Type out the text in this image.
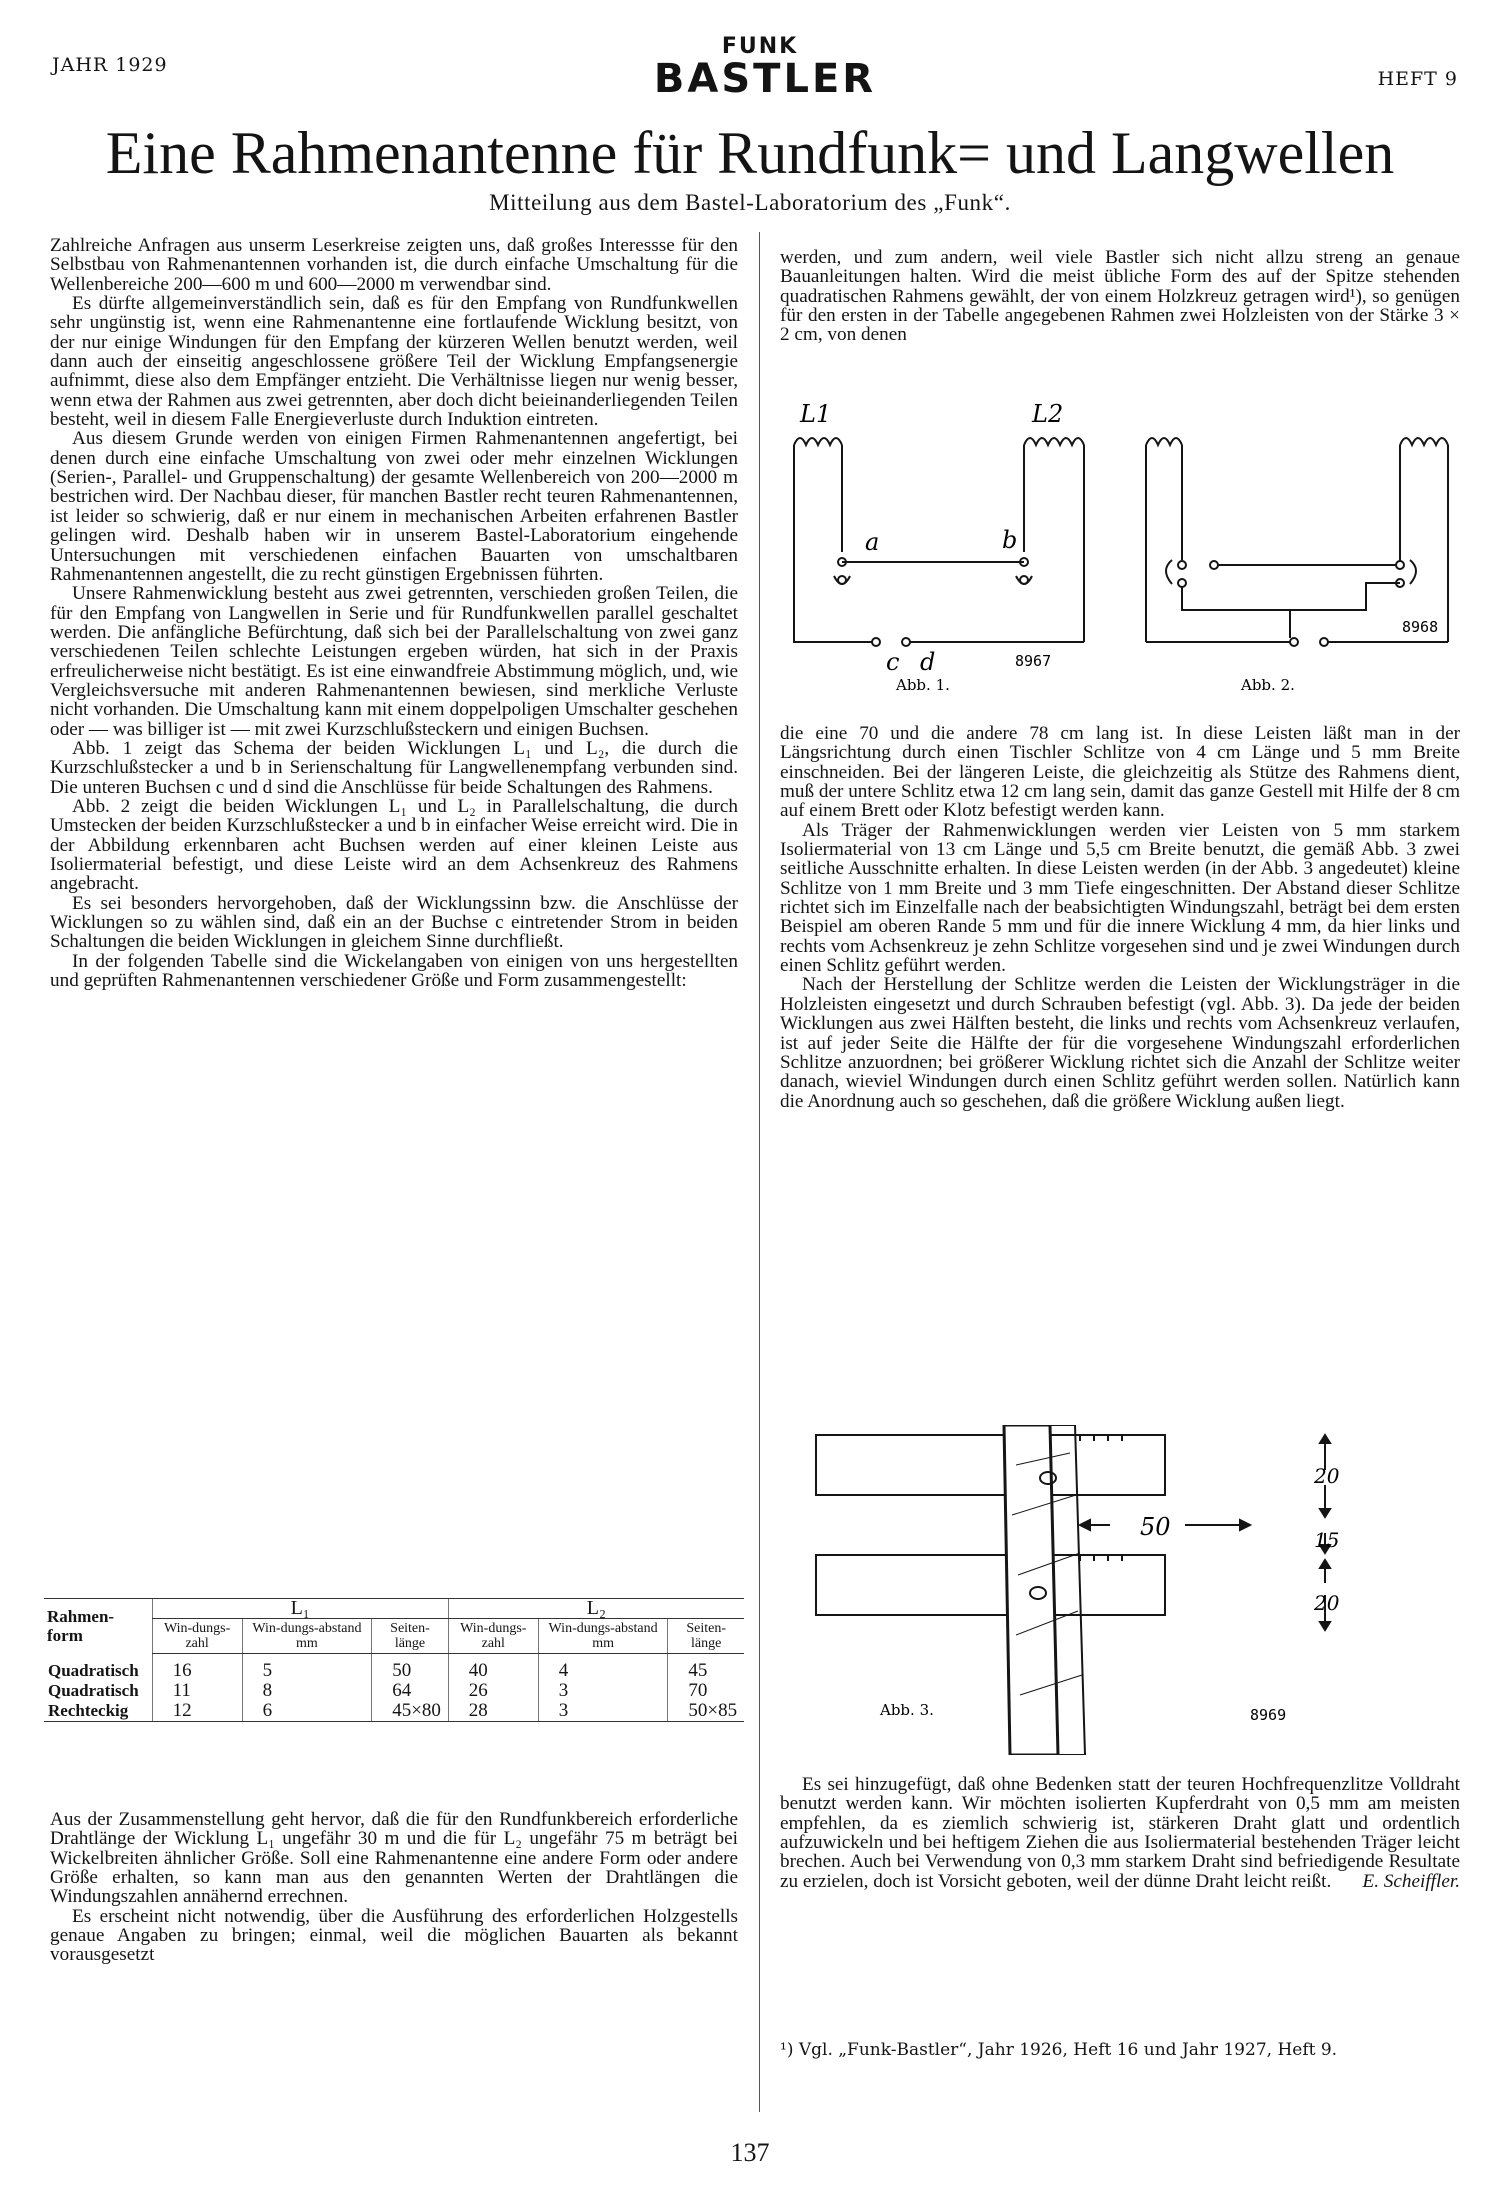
JAHR 1929
FUNK
BASTLER	HEFT 9
Eine Rahmenantenne für Rundfunk= und Langwellen
Mitteilung aus dem Bastel-Laboratorium des „Funk“.

Zahlreiche Anfragen aus unserm Leserkreise zeigten uns, daß großes Interessse für den Selbstbau von Rahmenantennen vorhanden ist, die durch einfache Umschaltung für die Wellenbereiche 200—600 m und 600—2000 m verwendbar sind.

Es dürfte allgemeinverständlich sein, daß es für den Empfang von Rundfunkwellen sehr ungünstig ist, wenn eine Rahmenantenne eine fortlaufende Wicklung besitzt, von der nur einige Windungen für den Empfang der kürzeren Wellen benutzt werden, weil dann auch der einseitig angeschlossene größere Teil der Wicklung Empfangsenergie aufnimmt, diese also dem Empfänger entzieht. Die Verhältnisse liegen nur wenig besser, wenn etwa der Rahmen aus zwei getrennten, aber doch dicht beieinanderliegenden Teilen besteht, weil in diesem Falle Energieverluste durch Induktion eintreten.

Aus diesem Grunde werden von einigen Firmen Rahmenantennen angefertigt, bei denen durch eine einfache Umschaltung von zwei oder mehr einzelnen Wicklungen (Serien-, Parallel- und Gruppenschaltung) der gesamte Wellenbereich von 200—2000 m bestrichen wird. Der Nachbau dieser, für manchen Bastler recht teuren Rahmenantennen, ist leider so schwierig, daß er nur einem in mechanischen Arbeiten erfahrenen Bastler gelingen wird. Deshalb haben wir in unserem Bastel-Laboratorium eingehende Untersuchungen mit verschiedenen einfachen Bauarten von umschaltbaren Rahmenantennen angestellt, die zu recht günstigen Ergebnissen führten.

Unsere Rahmenwicklung besteht aus zwei getrennten, verschieden großen Teilen, die für den Empfang von Langwellen in Serie und für Rundfunkwellen parallel geschaltet werden. Die anfängliche Befürchtung, daß sich bei der Parallelschaltung von zwei ganz verschiedenen Teilen schlechte Leistungen ergeben würden, hat sich in der Praxis erfreulicherweise nicht bestätigt. Es ist eine einwandfreie Abstimmung möglich, und, wie Vergleichsversuche mit anderen Rahmenantennen bewiesen, sind merkliche Verluste nicht vorhanden. Die Umschaltung kann mit einem doppelpoligen Umschalter geschehen oder — was billiger ist — mit zwei Kurzschlußsteckern und einigen Buchsen.

Abb. 1 zeigt das Schema der beiden Wicklungen L₁ und L₂, die durch die Kurzschlußstecker a und b in Serienschaltung für Langwellenempfang verbunden sind. Die unteren Buchsen c und d sind die Anschlüsse für beide Schaltungen des Rahmens.

Abb. 2 zeigt die beiden Wicklungen L₁ und L₂ in Parallelschaltung, die durch Umstecken der beiden Kurzschlußstecker a und b in einfacher Weise erreicht wird. Die in der Abbildung erkennbaren acht Buchsen werden auf einer kleinen Leiste aus Isoliermaterial befestigt, und diese Leiste wird an dem Achsenkreuz des Rahmens angebracht.

Es sei besonders hervorgehoben, daß der Wicklungssinn bzw. die Anschlüsse der Wicklungen so zu wählen sind, daß ein an der Buchse c eintretender Strom in beiden Schaltungen die beiden Wicklungen in gleichem Sinne durchfließt.

In der folgenden Tabelle sind die Wickelangaben von einigen von uns hergestellten und geprüften Rahmenantennen verschiedener Größe und Form zusammengestellt:

Rahmen-form	L₁			L₂		
	Win-dungs-zahl	Win-dungs-abstand mm	Seiten-länge	Win-dungs-zahl	Win-dungs-abstand mm	Seiten-länge
Quadratisch	16	5	50	40	4	45
Quadratisch	11	8	64	26	3	70
Rechteckig	12	6	45×80	28	3	50×85

Aus der Zusammenstellung geht hervor, daß die für den Rundfunkbereich erforderliche Drahtlänge der Wicklung L₁ ungefähr 30 m und die für L₂ ungefähr 75 m beträgt bei Wickelbreiten ähnlicher Größe. Soll eine Rahmenantenne eine andere Form oder andere Größe erhalten, so kann man aus den genannten Werten der Drahtlängen die Windungszahlen annähernd errechnen.

Es erscheint nicht notwendig, über die Ausführung des erforderlichen Holzgestells genaue Angaben zu bringen; einmal, weil die möglichen Bauarten als bekannt vorausgesetzt

werden, und zum andern, weil viele Bastler sich nicht allzu streng an genaue Bauanleitungen halten. Wird die meist übliche Form des auf der Spitze stehenden quadratischen Rahmens gewählt, der von einem Holzkreuz getragen wird¹), so genügen für den ersten in der Tabelle angegebenen Rahmen zwei Holzleisten von der Stärke 3 × 2 cm, von denen

L1	L2
a	b
c d	8967
Abb. 1.
8968
Abb. 2.

die eine 70 und die andere 78 cm lang ist. In diese Leisten läßt man in der Längsrichtung durch einen Tischler Schlitze von 4 cm Länge und 5 mm Breite einschneiden. Bei der längeren Leiste, die gleichzeitig als Stütze des Rahmens dient, muß der untere Schlitz etwa 12 cm lang sein, damit das ganze Gestell mit Hilfe der 8 cm auf einem Brett oder Klotz befestigt werden kann.

Als Träger der Rahmenwicklungen werden vier Leisten von 5 mm starkem Isoliermaterial von 13 cm Länge und 5,5 cm Breite benutzt, die gemäß Abb. 3 zwei seitliche Ausschnitte erhalten. In diese Leisten werden (in der Abb. 3 angedeutet) kleine Schlitze von 1 mm Breite und 3 mm Tiefe eingeschnitten. Der Abstand dieser Schlitze richtet sich im Einzelfalle nach der beabsichtigten Windungszahl, beträgt bei dem ersten Beispiel am oberen Rande 5 mm und für die innere Wicklung 4 mm, da hier links und rechts vom Achsenkreuz je zehn Schlitze vorgesehen sind und je zwei Windungen durch einen Schlitz geführt werden.

Nach der Herstellung der Schlitze werden die Leisten der Wicklungsträger in die Holzleisten eingesetzt und durch Schrauben befestigt (vgl. Abb. 3). Da jede der beiden Wicklungen aus zwei Hälften besteht, die links und rechts vom Achsenkreuz verlaufen, ist auf jeder Seite die Hälfte der für die vorgesehene Windungszahl erforderlichen Schlitze anzuordnen; bei größerer Wicklung richtet sich die Anzahl der Schlitze weiter danach, wieviel Windungen durch einen Schlitz geführt werden sollen. Natürlich kann die Anordnung auch so geschehen, daß die größere Wicklung außen liegt.

50
20
15
20
Abb. 3.	8969

Es sei hinzugefügt, daß ohne Bedenken statt der teuren Hochfrequenzlitze Volldraht benutzt werden kann. Wir möchten isolierten Kupferdraht von 0,5 mm am meisten empfehlen, da es ziemlich schwierig ist, stärkeren Draht glatt und ordentlich aufzuwickeln und bei heftigem Ziehen die aus Isoliermaterial bestehenden Träger leicht brechen. Auch bei Verwendung von 0,3 mm starkem Draht sind befriedigende Resultate zu erzielen, doch ist Vorsicht geboten, weil der dünne Draht leicht reißt.	E. Scheiffler.

¹) Vgl. „Funk-Bastler“, Jahr 1926, Heft 16 und Jahr 1927, Heft 9.
137
